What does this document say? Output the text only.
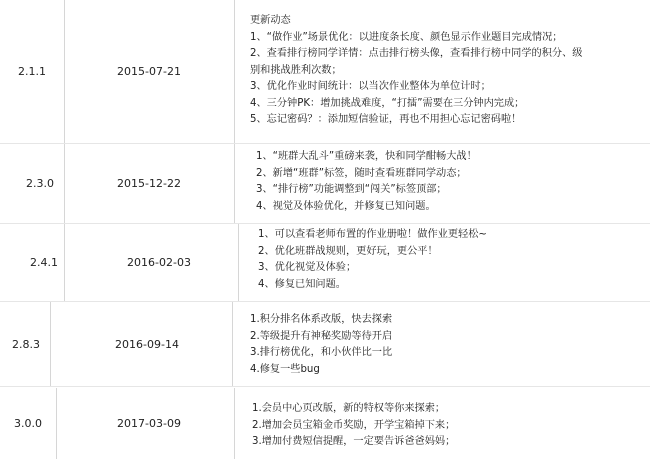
2.1.1	2015-07-21
更新动态
1、“做作业”场景优化：以进度条长度、颜色显示作业题目完成情况；
2、查看排行榜同学详情：点击排行榜头像，查看排行榜中同学的积分、级
别和挑战胜利次数；
3、优化作业时间统计：以当次作业整体为单位计时；
4、三分钟PK：增加挑战难度，“打擂”需要在三分钟内完成；
5、忘记密码？：添加短信验证，再也不用担心忘记密码啦！
2.3.0	2015-12-22
1、“班群大乱斗”重磅来袭，快和同学酣畅大战！
2、新增“班群”标签，随时查看班群同学动态；
3、“排行榜”功能调整到“闯关”标签顶部；
4、视觉及体验优化，并修复已知问题。
2.4.1	2016-02-03
1、可以查看老师布置的作业册啦！做作业更轻松~
2、优化班群战规则，更好玩，更公平！
3、优化视觉及体验；
4、修复已知问题。
2.8.3	2016-09-14
1.积分排名体系改版，快去探索
2.等级提升有神秘奖励等待开启
3.排行榜优化，和小伙伴比一比
4.修复一些bug
3.0.0	2017-03-09
1.会员中心页改版，新的特权等你来探索；
2.增加会员宝箱金币奖励，开学宝箱掉下来；
3.增加付费短信提醒，一定要告诉爸爸妈妈；
